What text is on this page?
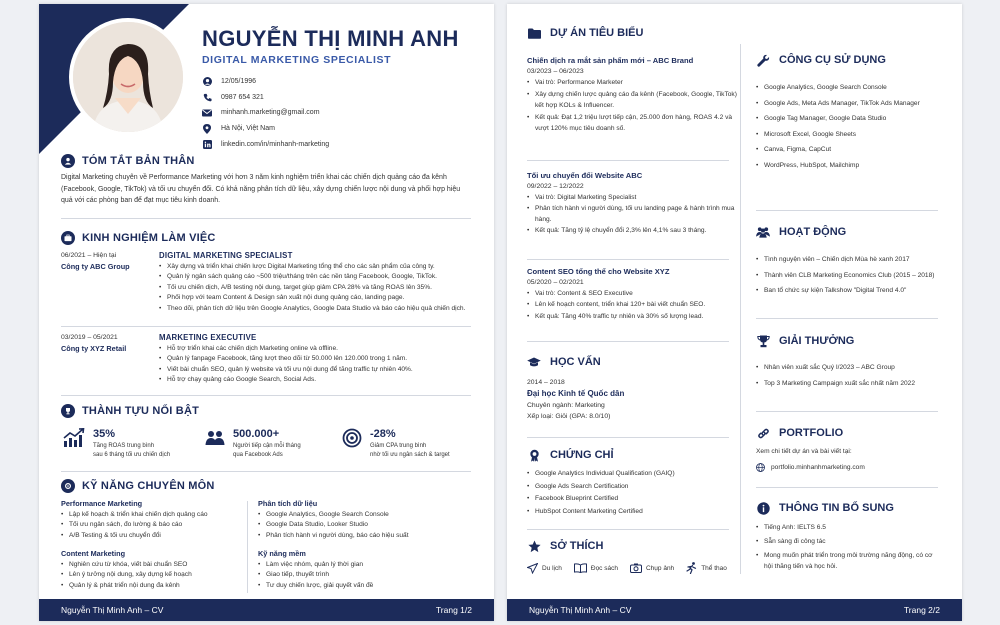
NGUYỄN THỊ MINH ANH
DIGITAL MARKETING SPECIALIST
12/05/1996
0987 654 321
minhanh.marketing@gmail.com
Hà Nội, Việt Nam
linkedin.com/in/minhanh-marketing
TÓM TẮT BẢN THÂN
Digital Marketing chuyên về Performance Marketing với hơn 3 năm kinh nghiệm triển khai các chiến dịch quảng cáo đa kênh (Facebook, Google, TikTok) và tối ưu chuyển đổi. Có khả năng phân tích dữ liệu, xây dựng chiến lược nội dung và phối hợp hiệu quả với các phòng ban để đạt mục tiêu kinh doanh.
KINH NGHIỆM LÀM VIỆC
06/2021 – Hiện tại
Công ty ABC Group
DIGITAL MARKETING SPECIALIST
• Xây dựng và triển khai chiến lược Digital Marketing tổng thể cho các sản phẩm của công ty.
• Quản lý ngân sách quảng cáo ~500 triệu/tháng trên các nền tảng Facebook, Google, TikTok.
• Tối ưu chiến dịch, A/B testing nội dung, target giúp giảm CPA 28% và tăng ROAS lên 35%.
• Phối hợp với team Content & Design sản xuất nội dung quảng cáo, landing page.
• Theo dõi, phân tích dữ liệu trên Google Analytics, Google Data Studio và báo cáo hiệu quả chiến dịch.
03/2019 – 05/2021
Công ty XYZ Retail
MARKETING EXECUTIVE
• Hỗ trợ triển khai các chiến dịch Marketing online và offline.
• Quản lý fanpage Facebook, tăng lượt theo dõi từ 50.000 lên 120.000 trong 1 năm.
• Viết bài chuẩn SEO, quản lý website và tối ưu nội dung để tăng traffic tự nhiên 40%.
• Hỗ trợ chạy quảng cáo Google Search, Social Ads.
THÀNH TỰU NỔI BẬT
35%
Tăng ROAS trung bình
sau 6 tháng tối ưu chiến dịch
500.000+
Người tiếp cận mỗi tháng
qua Facebook Ads
-28%
Giảm CPA trung bình
nhờ tối ưu ngân sách & target
KỸ NĂNG CHUYÊN MÔN
Performance Marketing
• Lập kế hoạch & triển khai chiến dịch quảng cáo
• Tối ưu ngân sách, đo lường & báo cáo
• A/B Testing & tối ưu chuyển đổi
Content Marketing
• Nghiên cứu từ khóa, viết bài chuẩn SEO
• Lên ý tưởng nội dung, xây dựng kế hoạch
• Quản lý & phát triển nội dung đa kênh
Phân tích dữ liệu
• Google Analytics, Google Search Console
• Google Data Studio, Looker Studio
• Phân tích hành vi người dùng, báo cáo hiệu suất
Kỹ năng mềm
• Làm việc nhóm, quản lý thời gian
• Giao tiếp, thuyết trình
• Tư duy chiến lược, giải quyết vấn đề
Nguyễn Thị Minh Anh – CV	Trang 1/2
DỰ ÁN TIÊU BIỂU
Chiến dịch ra mắt sản phẩm mới – ABC Brand
03/2023 – 06/2023
• Vai trò: Performance Marketer
• Xây dựng chiến lược quảng cáo đa kênh (Facebook, Google, TikTok) kết hợp KOLs & Influencer.
• Kết quả: Đạt 1,2 triệu lượt tiếp cận, 25.000 đơn hàng, ROAS 4.2 và vượt 120% mục tiêu doanh số.
Tối ưu chuyển đổi Website ABC
09/2022 – 12/2022
• Vai trò: Digital Marketing Specialist
• Phân tích hành vi người dùng, tối ưu landing page & hành trình mua hàng.
• Kết quả: Tăng tỷ lệ chuyển đổi 2,3% lên 4,1% sau 3 tháng.
Content SEO tổng thể cho Website XYZ
05/2020 – 02/2021
• Vai trò: Content & SEO Executive
• Lên kế hoạch content, triển khai 120+ bài viết chuẩn SEO.
• Kết quả: Tăng 40% traffic tự nhiên và 30% số lượng lead.
HỌC VẤN
2014 – 2018
Đại học Kinh tế Quốc dân
Chuyên ngành: Marketing
Xếp loại: Giỏi (GPA: 8.0/10)
CHỨNG CHỈ
• Google Analytics Individual Qualification (GAIQ)
• Google Ads Search Certification
• Facebook Blueprint Certified
• HubSpot Content Marketing Certified
SỞ THÍCH
Du lịch	Đọc sách	Chụp ảnh	Thể thao
CÔNG CỤ SỬ DỤNG
• Google Analytics, Google Search Console
• Google Ads, Meta Ads Manager, TikTok Ads Manager
• Google Tag Manager, Google Data Studio
• Microsoft Excel, Google Sheets
• Canva, Figma, CapCut
• WordPress, HubSpot, Mailchimp
HOẠT ĐỘNG
• Tình nguyện viên – Chiến dịch Mùa hè xanh 2017
• Thành viên CLB Marketing Economics Club (2015 – 2018)
• Ban tổ chức sự kiện Talkshow "Digital Trend 4.0"
GIẢI THƯỞNG
• Nhân viên xuất sắc Quý I/2023 – ABC Group
• Top 3 Marketing Campaign xuất sắc nhất năm 2022
PORTFOLIO
Xem chi tiết dự án và bài viết tại:
portfolio.minhanhmarketing.com
THÔNG TIN BỔ SUNG
• Tiếng Anh: IELTS 6.5
• Sẵn sàng đi công tác
• Mong muốn phát triển trong môi trường năng động, có cơ hội thăng tiến và học hỏi.
Nguyễn Thị Minh Anh – CV	Trang 2/2
